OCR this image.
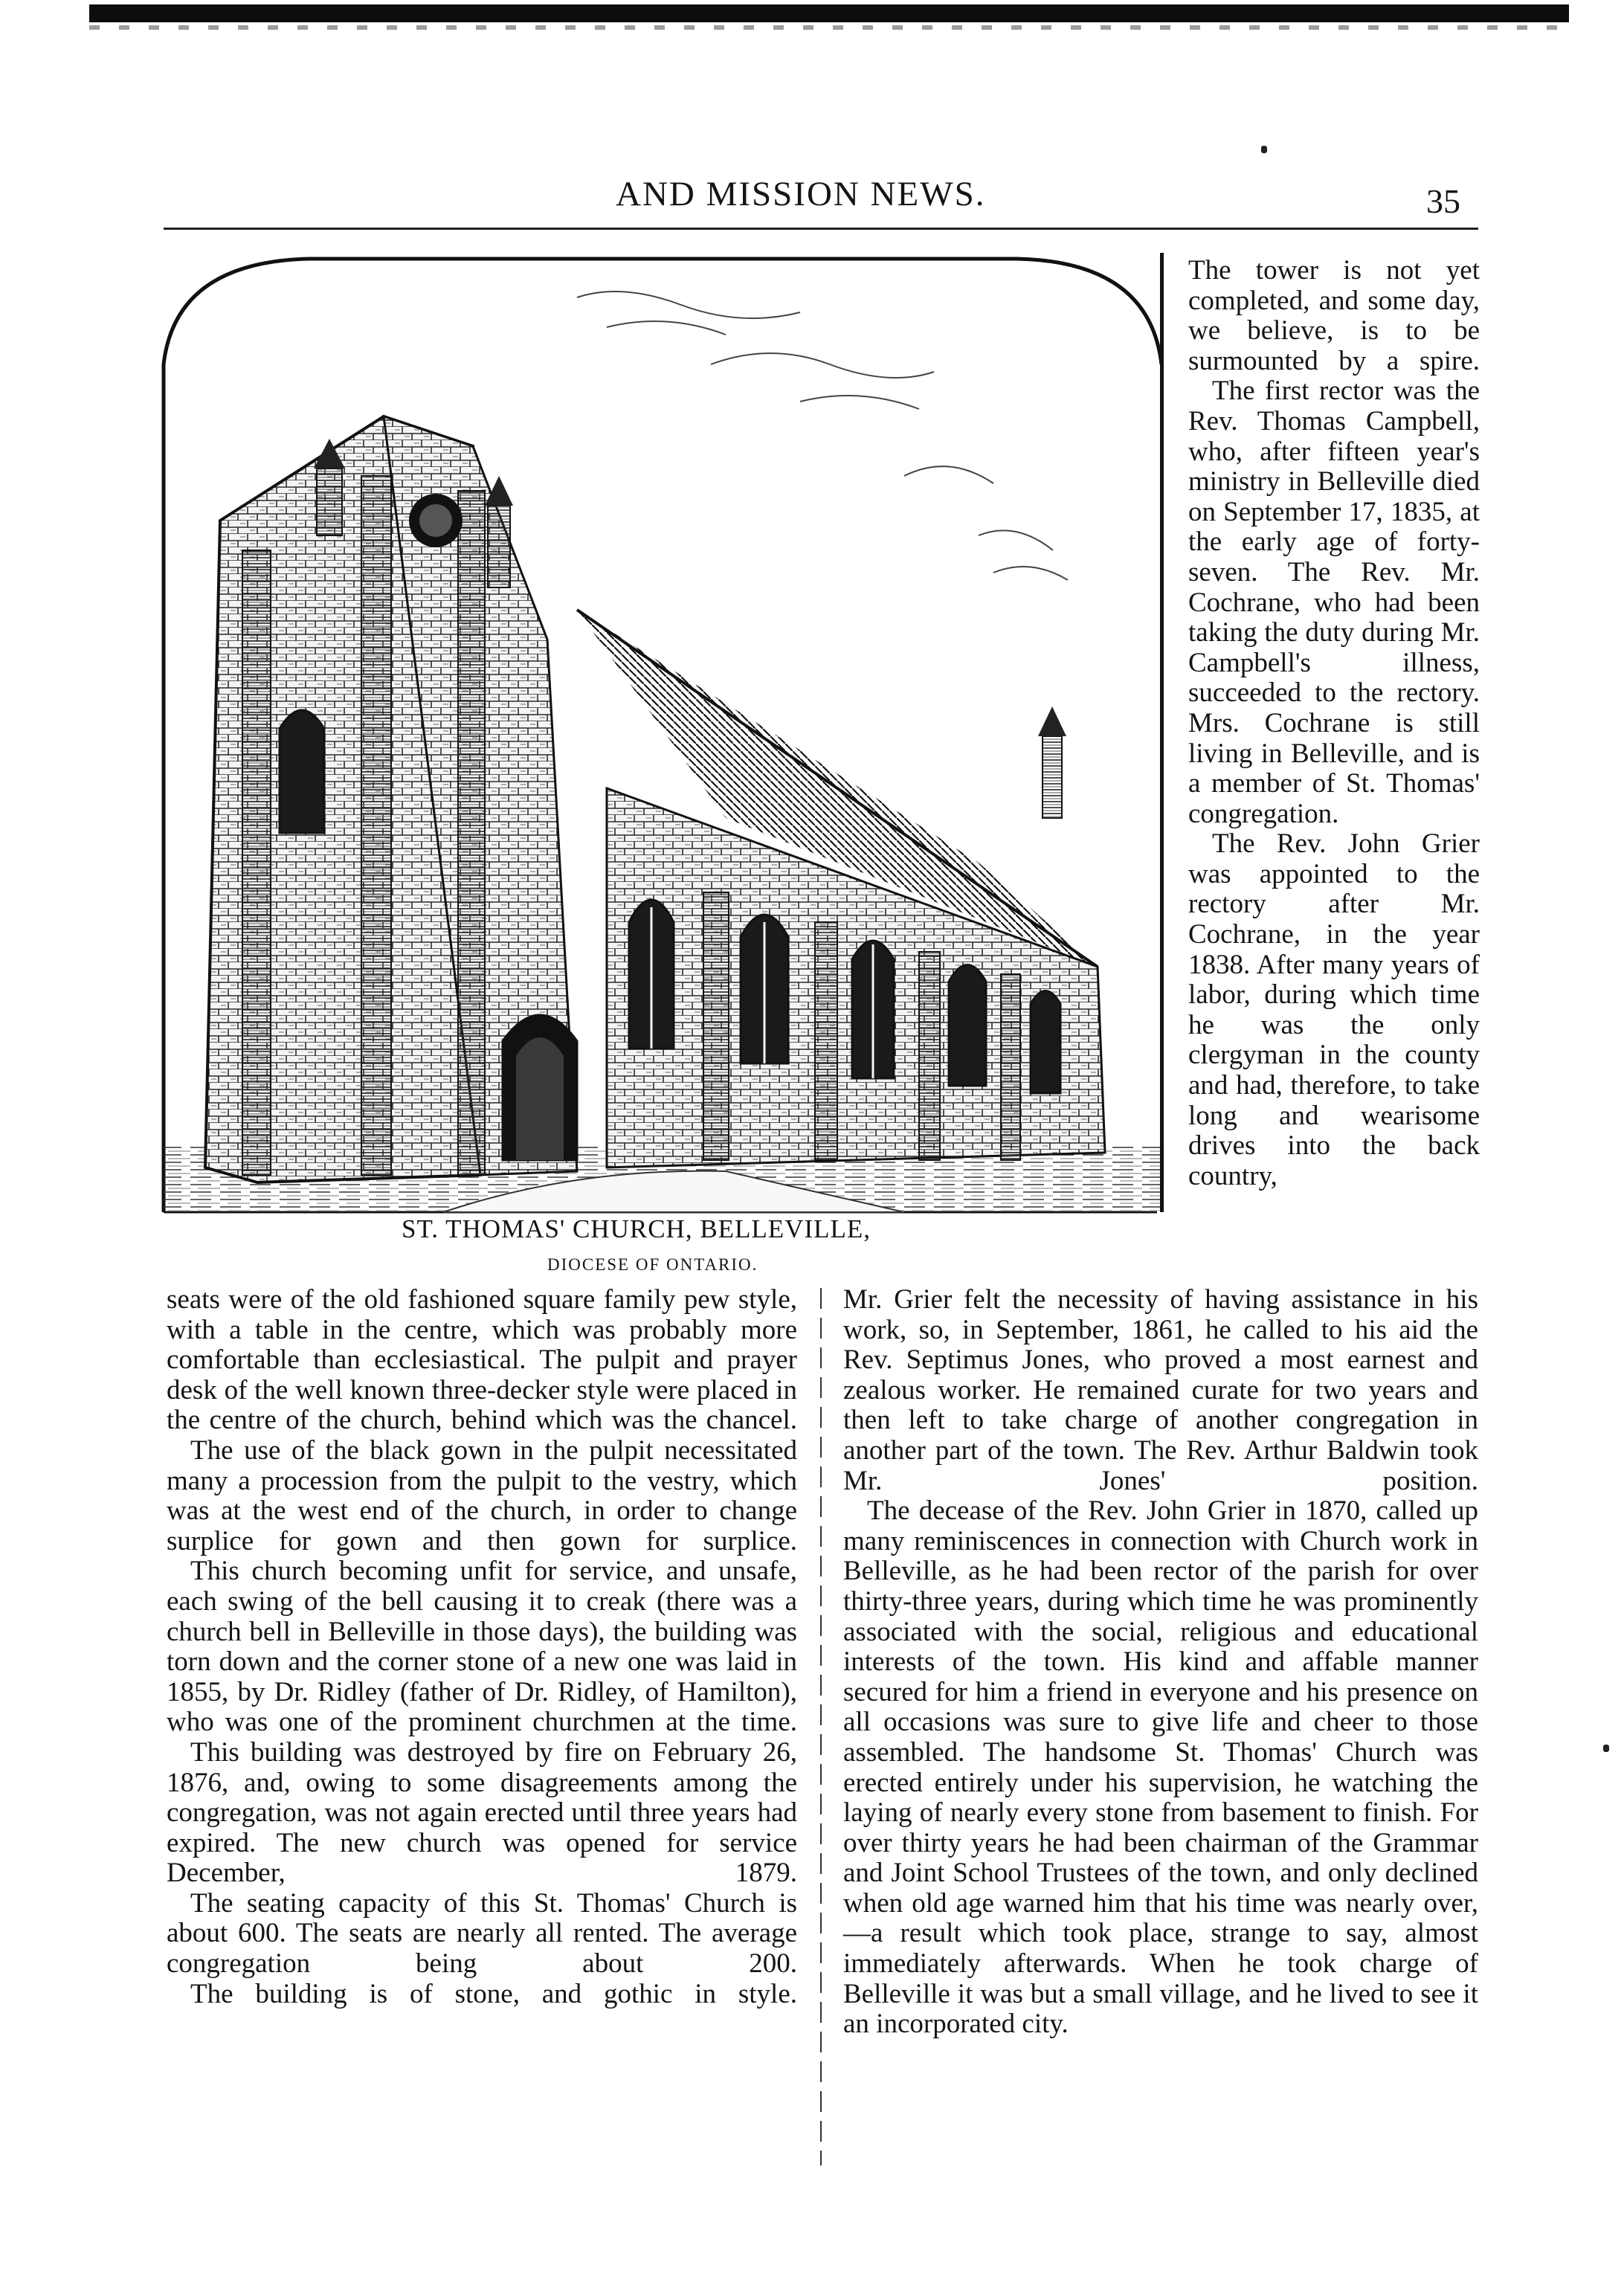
AND MISSION NEWS.	35
ST. THOMAS' CHURCH, BELLEVILLE,
DIOCESE OF ONTARIO.

The tower is not yet completed, and some day, we believe, is to be surmounted by a spire.

The first rector was the Rev. Thomas Campbell, who, after fifteen year's ministry in Belleville died on September 17, 1835, at the early age of forty-seven. The Rev. Mr. Cochrane, who had been taking the duty during Mr. Campbell's illness, succeeded to the rectory. Mrs. Cochrane is still living in Belleville, and is a member of St. Thomas' congregation.

The Rev. John Grier was appointed to the rectory after Mr. Cochrane, in the year 1838. After many years of labor, during which time he was the only clergyman in the county and had, therefore, to take long and wearisome drives into the back country,

seats were of the old fashioned square family pew style, with a table in the centre, which was probably more comfortable than ecclesiastical. The pulpit and prayer desk of the well known three-decker style were placed in the centre of the church, behind which was the chancel.

The use of the black gown in the pulpit necessitated many a procession from the pulpit to the vestry, which was at the west end of the church, in order to change surplice for gown and then gown for surplice.

This church becoming unfit for service, and unsafe, each swing of the bell causing it to creak (there was a church bell in Belleville in those days), the building was torn down and the corner stone of a new one was laid in 1855, by Dr. Ridley (father of Dr. Ridley, of Hamilton), who was one of the prominent churchmen at the time.

This building was destroyed by fire on February 26, 1876, and, owing to some disagreements among the congregation, was not again erected until three years had expired. The new church was opened for service December, 1879.

The seating capacity of this St. Thomas' Church is about 600. The seats are nearly all rented. The average congregation being about 200.

The building is of stone, and gothic in style.

Mr. Grier felt the necessity of having assistance in his work, so, in September, 1861, he called to his aid the Rev. Septimus Jones, who proved a most earnest and zealous worker. He remained curate for two years and then left to take charge of another congregation in another part of the town. The Rev. Arthur Baldwin took Mr. Jones' position.

The decease of the Rev. John Grier in 1870, called up many reminiscences in connection with Church work in Belleville, as he had been rector of the parish for over thirty-three years, during which time he was prominently associated with the social, religious and educational interests of the town. His kind and affable manner secured for him a friend in everyone and his presence on all occasions was sure to give life and cheer to those assembled. The handsome St. Thomas' Church was erected entirely under his supervision, he watching the laying of nearly every stone from basement to finish. For over thirty years he had been chairman of the Grammar and Joint School Trustees of the town, and only declined when old age warned him that his time was nearly over,—a result which took place, strange to say, almost immediately afterwards. When he took charge of Belleville it was but a small village, and he lived to see it an incorporated city.
